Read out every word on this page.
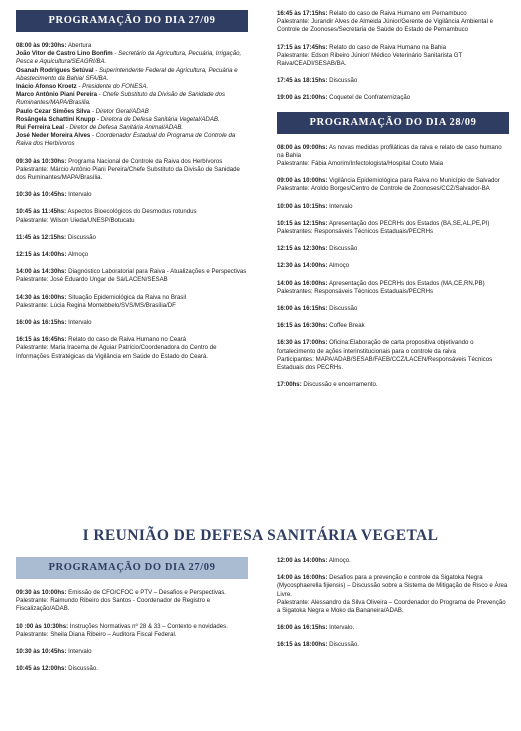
PROGRAMAÇÃO DO DIA 27/09
08:00 às 09:30hs: Abertura
João Vitor de Castro Lino Bonfim - Secretário da Agricultura, Pecuária, Irrigação, Pesca e Aquicultura/SEAGRI/BA.
Osanah Rodrigues Setúval - Superintendente Federal de Agricultura, Pecuária e Abastecimento da Bahia/ SFA/BA.
Inácio Afonso Kroetz - Presidente do FONESA.
Marco Antônio Piani Pereira - Chefe Substituto da Divisão de Sanidade dos Ruminantes/MAPA/Brasília.
Paulo Cezar Simões Silva - Diretor Geral/ADAB
Rosângela Schattini Knupp - Diretora de Defesa Sanitária Vegetal/ADAB.
Rui Ferreira Leal - Diretor de Defesa Sanitária Animal/ADAB.
José Neder Moreira Alves - Coordenador Estadual do Programa de Controle da Raiva dos Herbívoros
09:30 às 10:30hs: Programa Nacional de Controle da Raiva dos Herbívoros
Palestrante: Márcio Antônio Piani Pereira/Chefe Substituto da Divisão de Sanidade dos Ruminantes/MAPA/Brasília.
10:30 às 10:45hs: Intervalo
10:45 às 11:45hs: Aspectos Bioecológicos do Desmodus rotundus
Palestrante: Wilson Uieda/UNESP/Botucatu
11:45 às 12:15hs: Discussão
12:15 às 14:00hs: Almoço
14:00 às 14:30hs: Diagnóstico Laboratorial para Raiva - Atualizações e Perspectivas
Palestrante: José Eduardo Ungar de Sá/LACEN/SESAB
14:30 às 16:00hs: Situação Epidemiológica da Raiva no Brasil
Palestrante: Lúcia Regina Montebbelo/SVS/MS/Brasília/DF
16:00 às 16:15hs: Intervalo
16:15 às 16:45hs: Relato do caso de Raiva Humano no Ceará
Palestrante: Maria Iracema de Aguiar Patrício/Coordenadora do Centro de Informações Estratégicas da Vigilância em Saúde do Estado do Ceará.
16:45 às 17:15hs: Relato do caso de Raiva Humano em Pernambuco
Palestrante: Jurandir Alves de Almeida Júnior/Gerente de Vigilância Ambiental e Controle de Zoonoses/Secretaria de Saúde do Estado de Pernambuco
17:15 às 17:45hs: Relato do caso de Raiva Humano na Bahia
Palestrante: Edson Ribeiro Júnior/ Médico Veterinário Sanitarista GT Raiva/CEADI/SESAB/BA.
17:45 às 18:15hs: Discussão
19:00 às 21:00hs: Coquetel de Confraternização
PROGRAMAÇÃO DO DIA 28/09
08:00 às 09:00hs: As novas medidas profiláticas da raiva e relato de caso humano na Bahia
Palestrante: Fábia Amorim/Infectologista/Hospital Couto Maia
09:00 às 10:00hs: Vigilância Epidemiológica para Raiva no Município de Salvador
Palestrante: Aroldo Borges/Centro de Controle de Zoonoses/CCZ/Salvador-BA
10:00 às 10:15hs: Intervalo
10:15 às 12:15hs: Apresentação dos PECRHs dos Estados (BA,SE,AL,PE,PI)
Palestrantes: Responsáveis Técnicos Estaduais/PECRHs
12:15 às 12:30hs: Discussão
12:30 às 14:00hs: Almoço
14:00 às 16:00hs: Apresentação dos PECRHs dos Estados (MA,CE,RN,PB)
Palestrantes: Responsáveis Técnicos Estaduais/PECRHs
16:00 às 16:15hs: Discussão
16:15 às 16:30hs: Coffee Break
16:30 às 17:00hs: Oficina:Elaboração de carta propositiva objetivando o fortalecimento de ações interinstitucionais para o controle da raiva
Participantes: MAPA/ADAB/SESAB/FAEB/CCZ/LACEN/Responsáveis Técnicos Estaduais dos PECRHs.
17:00hs: Discussão e encerramento.
I REUNIÃO DE DEFESA SANITÁRIA VEGETAL
PROGRAMAÇÃO DO DIA 27/09
09:30 às 10:00hs: Emissão de CFO/CFOC e PTV – Desafios e Perspectivas.
Palestrante: Raimundo Ribeiro dos Santos - Coordenador de Registro e Fiscalização/ADAB.
10 :00 às 10:30hs: Instruções Normativas nº 28 & 33 – Contexto e novidades.
Palestrante: Sheila Diana Ribeiro – Auditora Fiscal Federal.
10:30 às 10:45hs: Intervalo
10:45 às 12:00hs: Discussão.
12:00 às 14:00hs: Almoço.
14:00 às 16:00hs: Desafios para a prevenção e controle da Sigatoka Negra (Mycosphaerella fijiensis) – Discussão sobre a Sistema de Mitigação de Risco e Área Livre.
Palestrante: Alessandro da Silva Oliveira – Coordenador do Programa de Prevenção a Sigatoka Negra e Moko da Bananeira/ADAB.
16:00 às 16:15hs: Intervalo.
16:15 às 18:00hs: Discussão.
